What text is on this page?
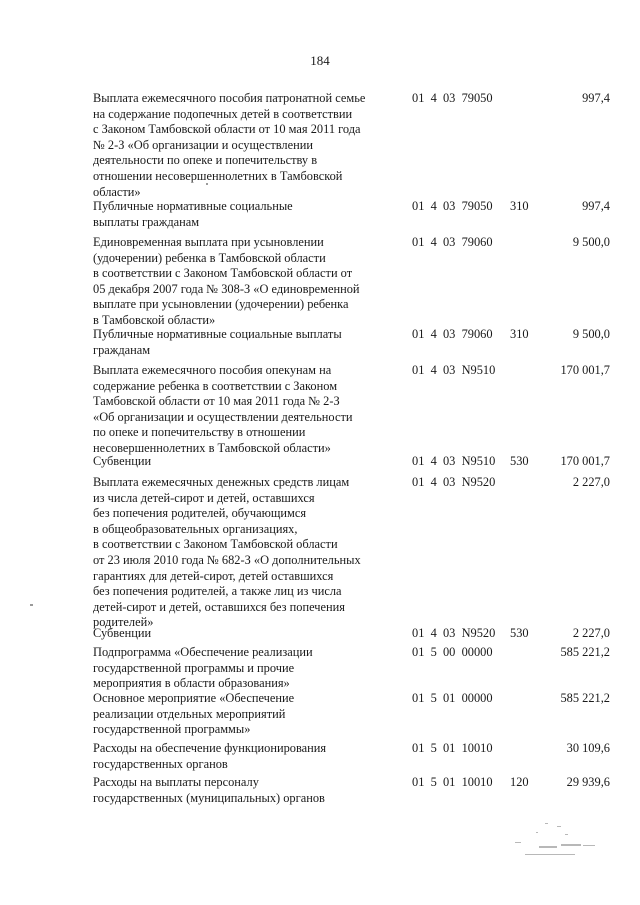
184
Выплата ежемесячного пособия патронатной семье
на содержание подопечных детей в соответствии
с Законом Тамбовской области от 10 мая 2011 года
№ 2-З «Об организации и осуществлении
деятельности по опеке и попечительству в
отношении несовершеннолетних в Тамбовской
области»
01  4  03  79050	997,4
Публичные нормативные социальные
выплаты гражданам
01  4  03  79050 310	997,4
Единовременная выплата при усыновлении
(удочерении) ребенка в Тамбовской области
в соответствии с Законом Тамбовской области от
05 декабря 2007 года № 308-З «О единовременной
выплате при усыновлении (удочерении) ребенка
в Тамбовской области»
01  4  03  79060	9 500,0
Публичные нормативные социальные выплаты
гражданам
01  4  03  79060 310	9 500,0
Выплата ежемесячного пособия опекунам на
содержание ребенка в соответствии с Законом
Тамбовской области от 10 мая 2011 года № 2-З
«Об организации и осуществлении деятельности
по опеке и попечительству в отношении
несовершеннолетних в Тамбовской области»
01  4  03  N9510	170 001,7
Субвенции	01  4  03  N9510 530	170 001,7
Выплата ежемесячных денежных средств лицам
из числа детей-сирот и детей, оставшихся
без попечения родителей, обучающимся
в общеобразовательных организациях,
в соответствии с Законом Тамбовской области
от 23 июля 2010 года № 682-З «О дополнительных
гарантиях для детей-сирот, детей оставшихся
без попечения родителей, а также лиц из числа
детей-сирот и детей, оставшихся без попечения
родителей»
01  4  03  N9520	2 227,0
Субвенции	01  4  03  N9520 530	2 227,0
Подпрограмма «Обеспечение реализации
государственной программы и прочие
мероприятия в области образования»
01  5  00  00000	585 221,2
Основное мероприятие «Обеспечение
реализации отдельных мероприятий
государственной программы»
01  5  01  00000	585 221,2
Расходы на обеспечение функционирования
государственных органов
01  5  01  10010	30 109,6
Расходы на выплаты персоналу
государственных (муниципальных) органов
01  5  01  10010 120	29 939,6
